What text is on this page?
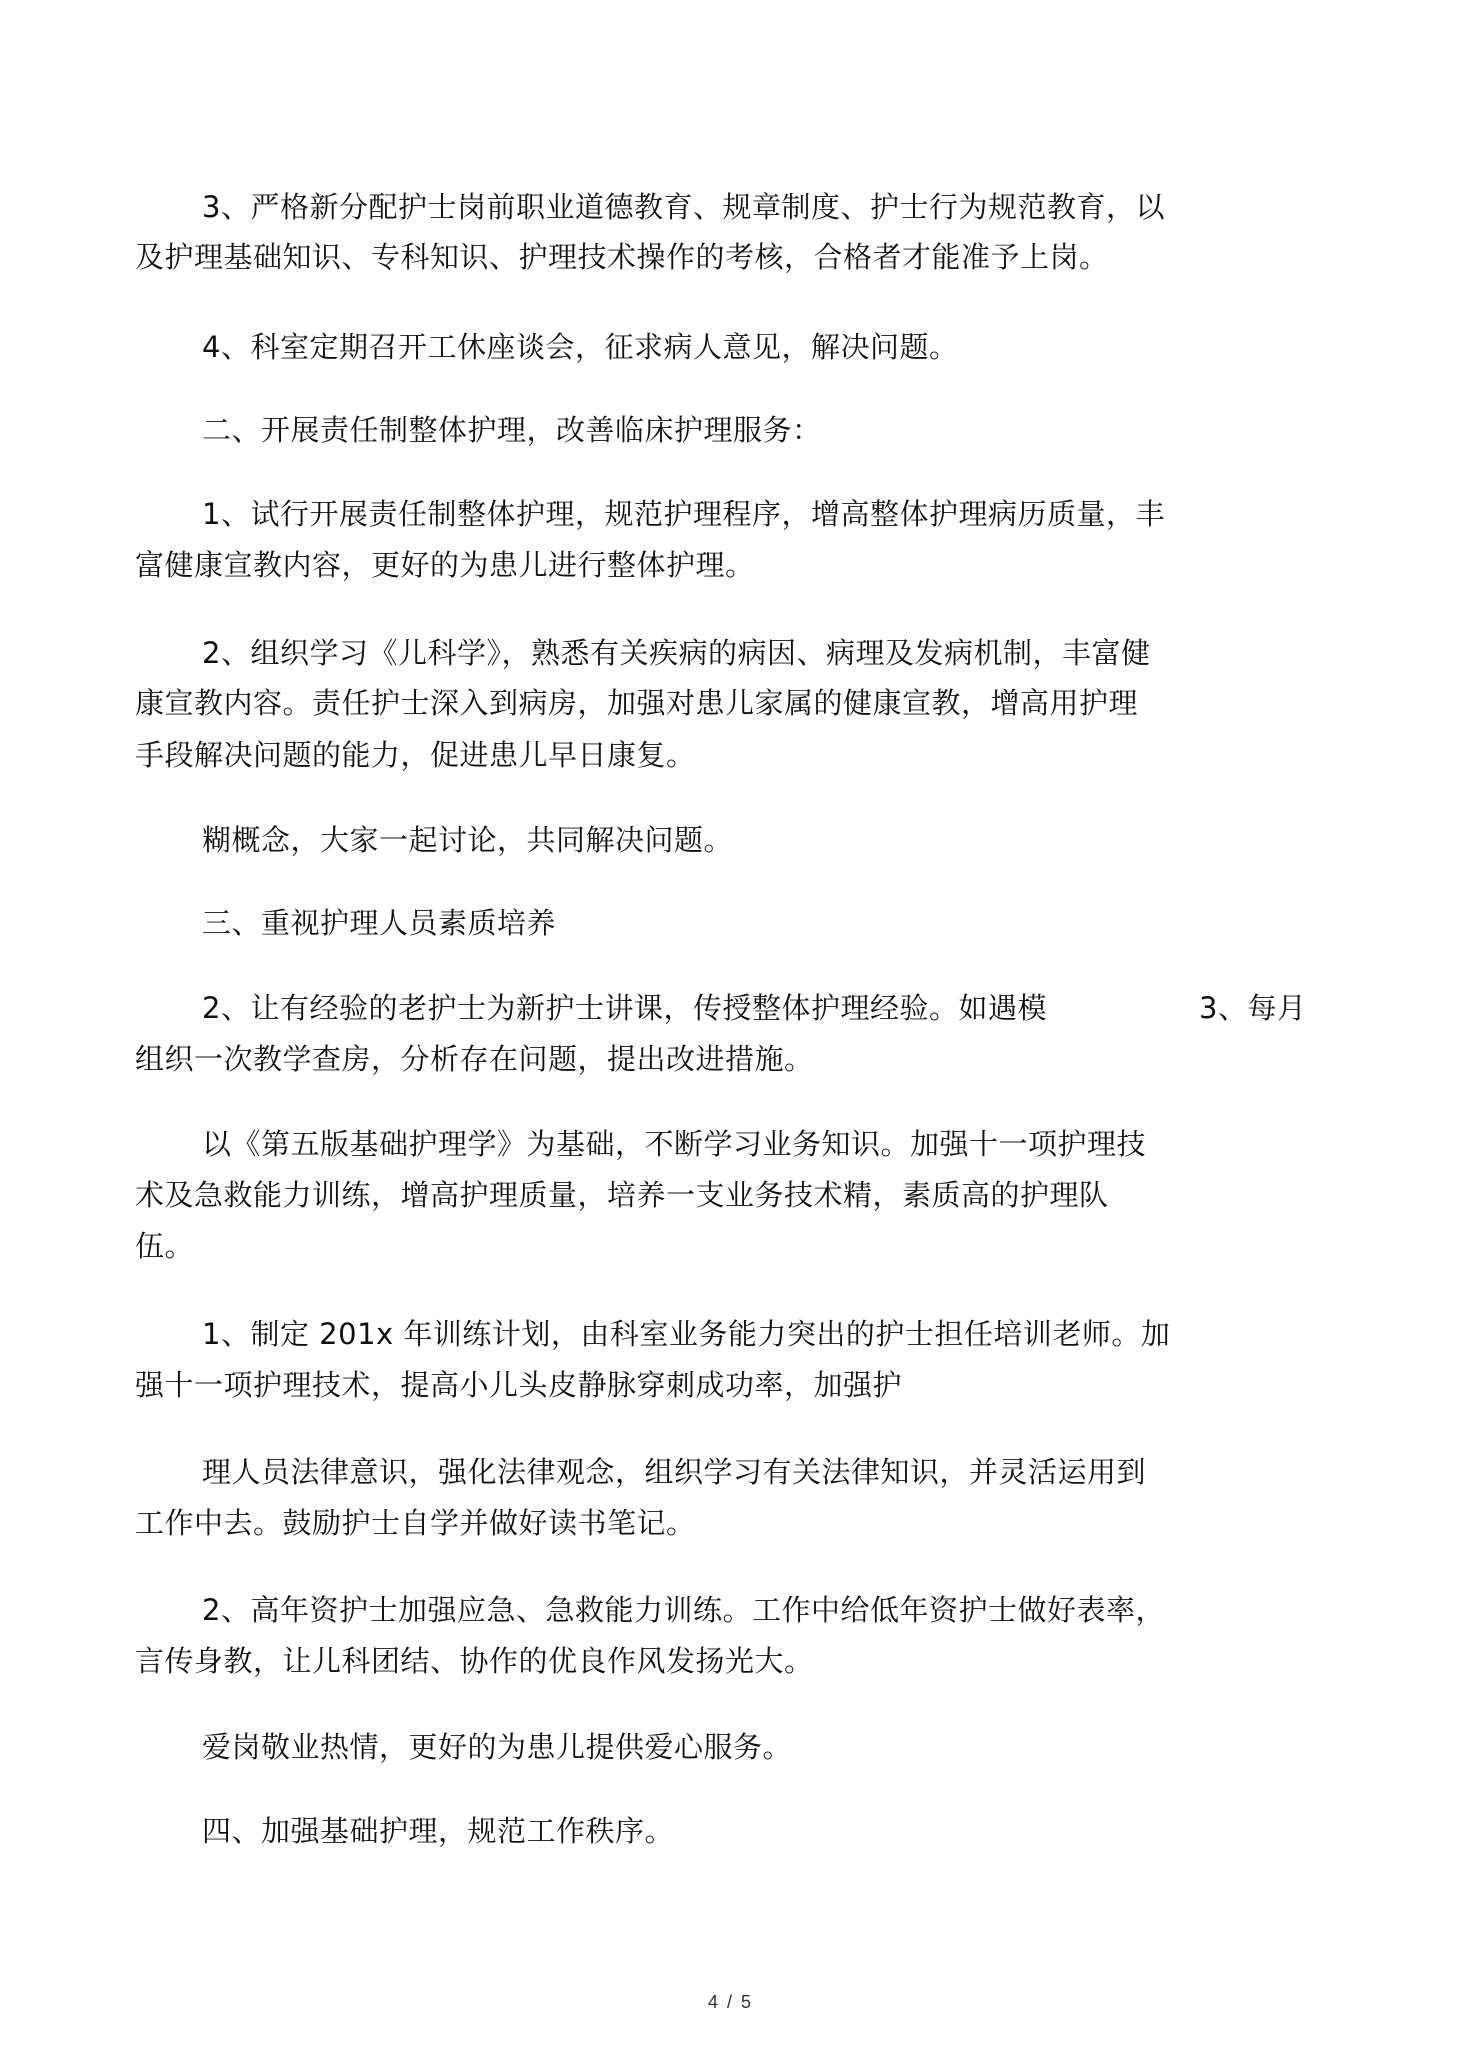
3、严格新分配护士岗前职业道德教育、规章制度、护士行为规范教育，以
及护理基础知识、专科知识、护理技术操作的考核，合格者才能准予上岗。
4、科室定期召开工休座谈会，征求病人意见，解决问题。
二、开展责任制整体护理，改善临床护理服务：
1、试行开展责任制整体护理，规范护理程序，增高整体护理病历质量，丰
富健康宣教内容，更好的为患儿进行整体护理。
2、组织学习《儿科学》，熟悉有关疾病的病因、病理及发病机制，丰富健
康宣教内容。责任护士深入到病房，加强对患儿家属的健康宣教，增高用护理
手段解决问题的能力，促进患儿早日康复。
糊概念，大家一起讨论，共同解决问题。
三、重视护理人员素质培养
2、让有经验的老护士为新护士讲课，传授整体护理经验。如遇模	3、每月
组织一次教学查房，分析存在问题，提出改进措施。
以《第五版基础护理学》为基础，不断学习业务知识。加强十一项护理技
术及急救能力训练，增高护理质量，培养一支业务技术精，素质高的护理队
伍。
1、制定 201x 年训练计划，由科室业务能力突出的护士担任培训老师。加
强十一项护理技术，提高小儿头皮静脉穿刺成功率，加强护
理人员法律意识，强化法律观念，组织学习有关法律知识，并灵活运用到
工作中去。鼓励护士自学并做好读书笔记。
2、高年资护士加强应急、急救能力训练。工作中给低年资护士做好表率，
言传身教，让儿科团结、协作的优良作风发扬光大。
爱岗敬业热情，更好的为患儿提供爱心服务。
四、加强基础护理，规范工作秩序。
4 / 5
